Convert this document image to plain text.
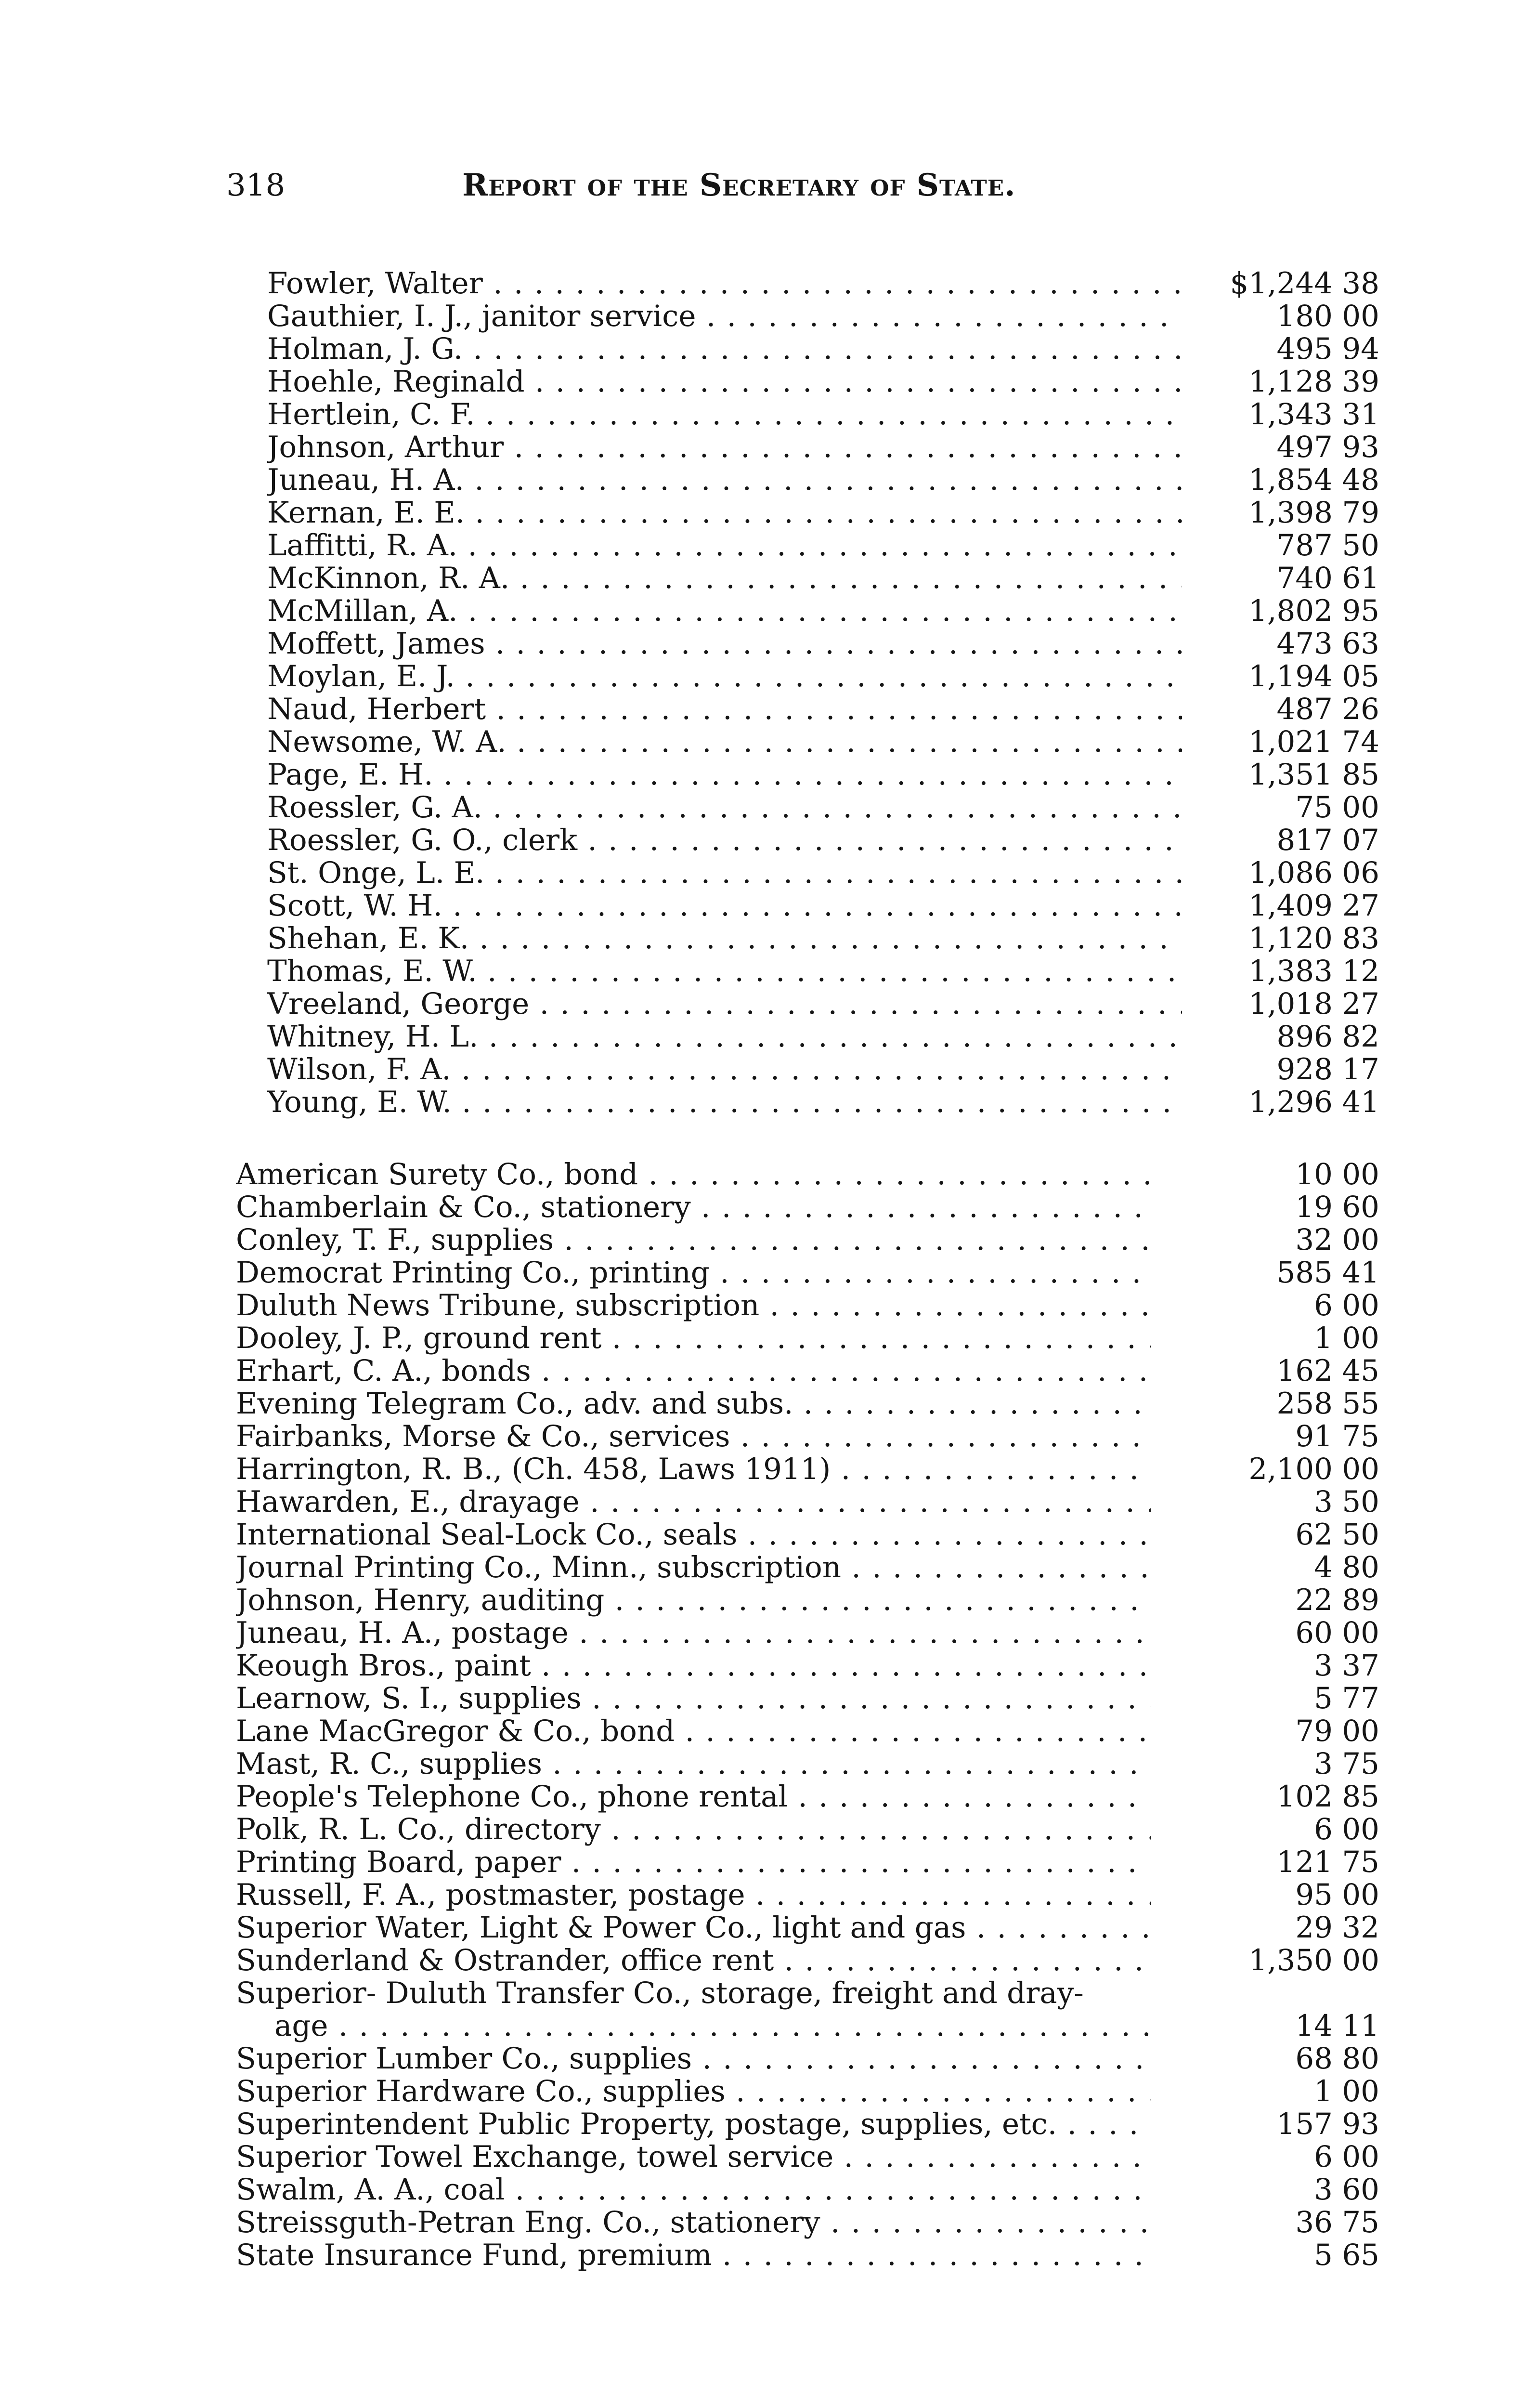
318	Report of the Secretary of State.
Fowler, Walter . . .	$1,244 38
Gauthier, I. J., janitor service . . .	180 00
Holman, J. G. . . .	495 94
Hoehle, Reginald . . .	1,128 39
Hertlein, C. F. . . .	1,343 31
Johnson, Arthur . . .	497 93
Juneau, H. A. . . .	1,854 48
Kernan, E. E. . . .	1,398 79
Laffitti, R. A. . . .	787 50
McKinnon, R. A. . . .	740 61
McMillan, A. . . .	1,802 95
Moffett, James . . .	473 63
Moylan, E. J. . . .	1,194 05
Naud, Herbert . . .	487 26
Newsome, W. A. . . .	1,021 74
Page, E. H. . . .	1,351 85
Roessler, G. A. . . .	75 00
Roessler, G. O., clerk . . .	817 07
St. Onge, L. E. . . .	1,086 06
Scott, W. H. . . .	1,409 27
Shehan, E. K. . . .	1,120 83
Thomas, E. W. . . .	1,383 12
Vreeland, George . . .	1,018 27
Whitney, H. L. . . .	896 82
Wilson, F. A. . . .	928 17
Young, E. W. . . .	1,296 41
American Surety Co., bond . . .	10 00
Chamberlain & Co., stationery . . .	19 60
Conley, T. F., supplies . . .	32 00
Democrat Printing Co., printing . . .	585 41
Duluth News Tribune, subscription . . .	6 00
Dooley, J. P., ground rent . . .	1 00
Erhart, C. A., bonds . . .	162 45
Evening Telegram Co., adv. and subs. . . .	258 55
Fairbanks, Morse & Co., services . . .	91 75
Harrington, R. B., (Ch. 458, Laws 1911) . . .	2,100 00
Hawarden, E., drayage . . .	3 50
International Seal-Lock Co., seals . . .	62 50
Journal Printing Co., Minn., subscription . . .	4 80
Johnson, Henry, auditing . . .	22 89
Juneau, H. A., postage . . .	60 00
Keough Bros., paint . . .	3 37
Learnow, S. I., supplies . . .	5 77
Lane MacGregor & Co., bond . . .	79 00
Mast, R. C., supplies . . .	3 75
People's Telephone Co., phone rental . . .	102 85
Polk, R. L. Co., directory . . .	6 00
Printing Board, paper . . .	121 75
Russell, F. A., postmaster, postage . . .	95 00
Superior Water, Light & Power Co., light and gas . . .	29 32
Sunderland & Ostrander, office rent . . .	1,350 00
Superior- Duluth Transfer Co., storage, freight and dray-
age . . .	14 11
Superior Lumber Co., supplies . . .	68 80
Superior Hardware Co., supplies . . .	1 00
Superintendent Public Property, postage, supplies, etc. . . .	157 93
Superior Towel Exchange, towel service . . .	6 00
Swalm, A. A., coal . . .	3 60
Streissguth-Petran Eng. Co., stationery . . .	36 75
State Insurance Fund, premium . . .	5 65
